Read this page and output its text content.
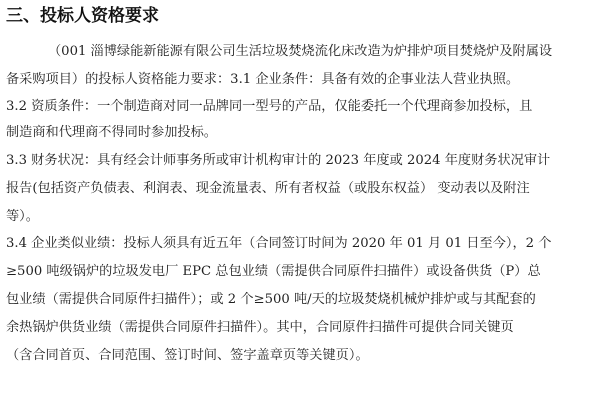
三、投标人资格要求
（001 淄博绿能新能源有限公司生活垃圾焚烧流化床改造为炉排炉项目焚烧炉及附属设
备采购项目）的投标人资格能力要求：3.1 企业条件：具备有效的企事业法人营业执照。
3.2 资质条件：一个制造商对同一品牌同一型号的产品，仅能委托一个代理商参加投标，且
制造商和代理商不得同时参加投标。
3.3 财务状况：具有经会计师事务所或审计机构审计的 2023 年度或 2024 年度财务状况审计
报告(包括资产负债表、利润表、现金流量表、所有者权益（或股东权益） 变动表以及附注
等）。
3.4 企业类似业绩：投标人须具有近五年（合同签订时间为 2020 年 01 月 01 日至今），2 个
≥500 吨级锅炉的垃圾发电厂 EPC 总包业绩（需提供合同原件扫描件）或设备供货（P）总
包业绩（需提供合同原件扫描件）；或 2 个≥500 吨/天的垃圾焚烧机械炉排炉或与其配套的
余热锅炉供货业绩（需提供合同原件扫描件）。其中，合同原件扫描件可提供合同关键页
（含合同首页、合同范围、签订时间、签字盖章页等关键页）。
